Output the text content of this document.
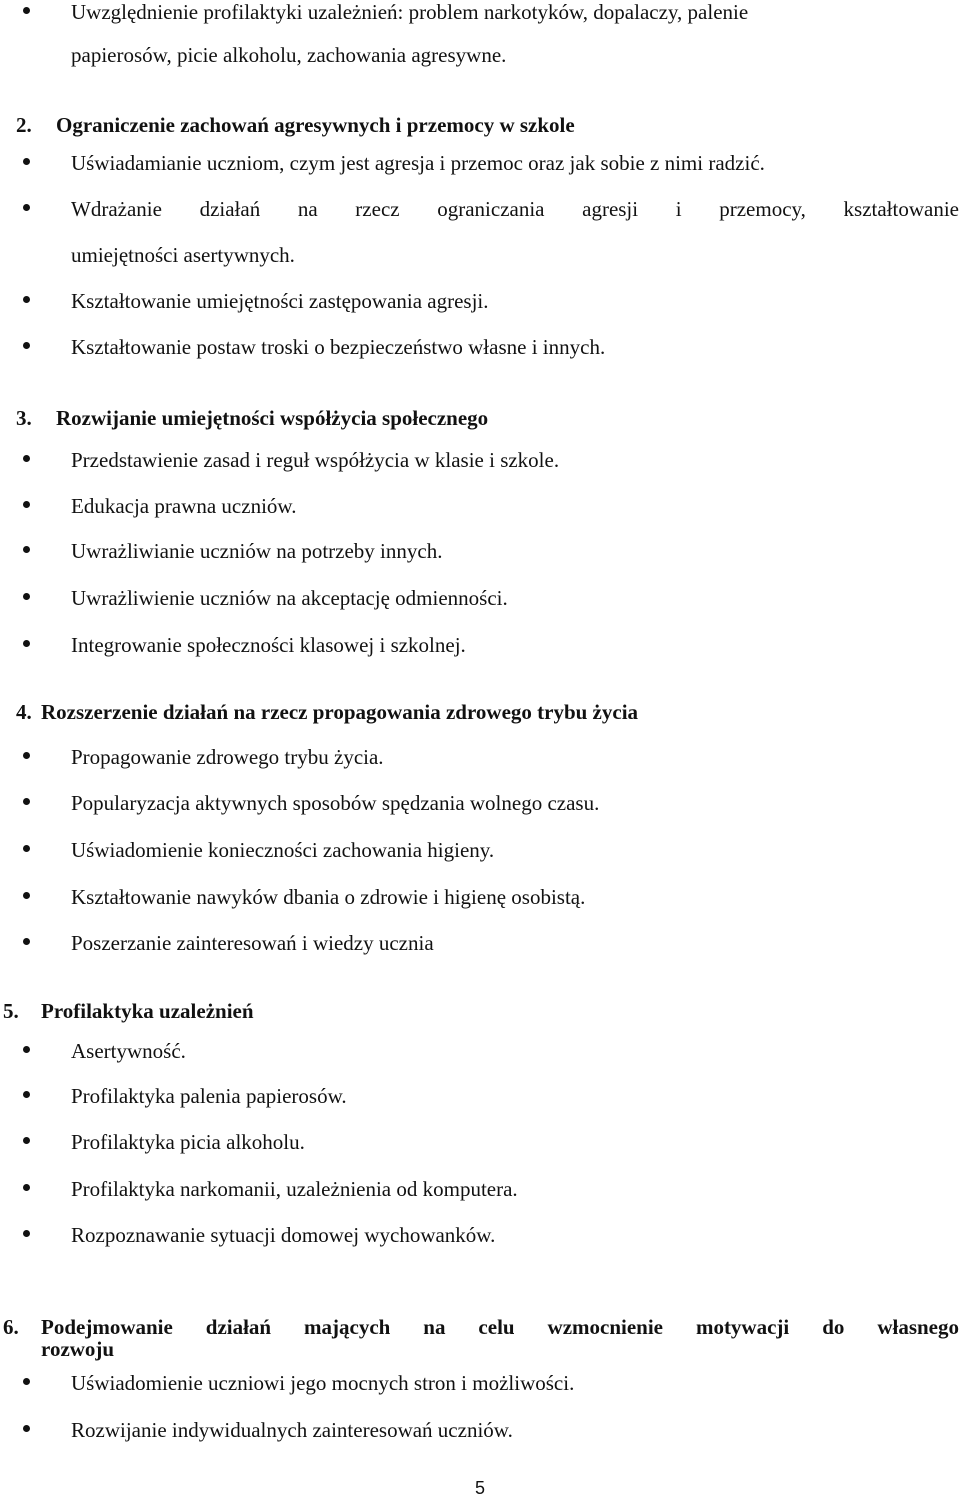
Uwzględnienie profilaktyki uzależnień: problem narkotyków, dopalaczy, palenie
papierosów, picie alkoholu, zachowania agresywne.
2. Ograniczenie zachowań agresywnych i przemocy w szkole
Uświadamianie uczniom, czym jest agresja i przemoc oraz jak sobie z nimi radzić.
Wdrażanie działań na rzecz ograniczania agresji i przemocy, kształtowanie
umiejętności asertywnych.
Kształtowanie umiejętności zastępowania agresji.
Kształtowanie postaw troski o bezpieczeństwo własne i innych.
3. Rozwijanie umiejętności współżycia społecznego
Przedstawienie zasad i reguł współżycia w klasie i szkole.
Edukacja prawna uczniów.
Uwrażliwianie uczniów na potrzeby innych.
Uwrażliwienie uczniów na akceptację odmienności.
Integrowanie społeczności klasowej i szkolnej.
4. Rozszerzenie działań na rzecz propagowania zdrowego trybu życia
Propagowanie zdrowego trybu życia.
Popularyzacja aktywnych sposobów spędzania wolnego czasu.
Uświadomienie konieczności zachowania higieny.
Kształtowanie nawyków dbania o zdrowie i higienę osobistą.
Poszerzanie zainteresowań i wiedzy ucznia
5. Profilaktyka uzależnień
Asertywność.
Profilaktyka palenia papierosów.
Profilaktyka picia alkoholu.
Profilaktyka narkomanii, uzależnienia od komputera.
Rozpoznawanie sytuacji domowej wychowanków.
6. Podejmowanie działań mających na celu wzmocnienie motywacji do własnego
rozwoju
Uświadomienie uczniowi jego mocnych stron i możliwości.
Rozwijanie indywidualnych zainteresowań uczniów.
5
